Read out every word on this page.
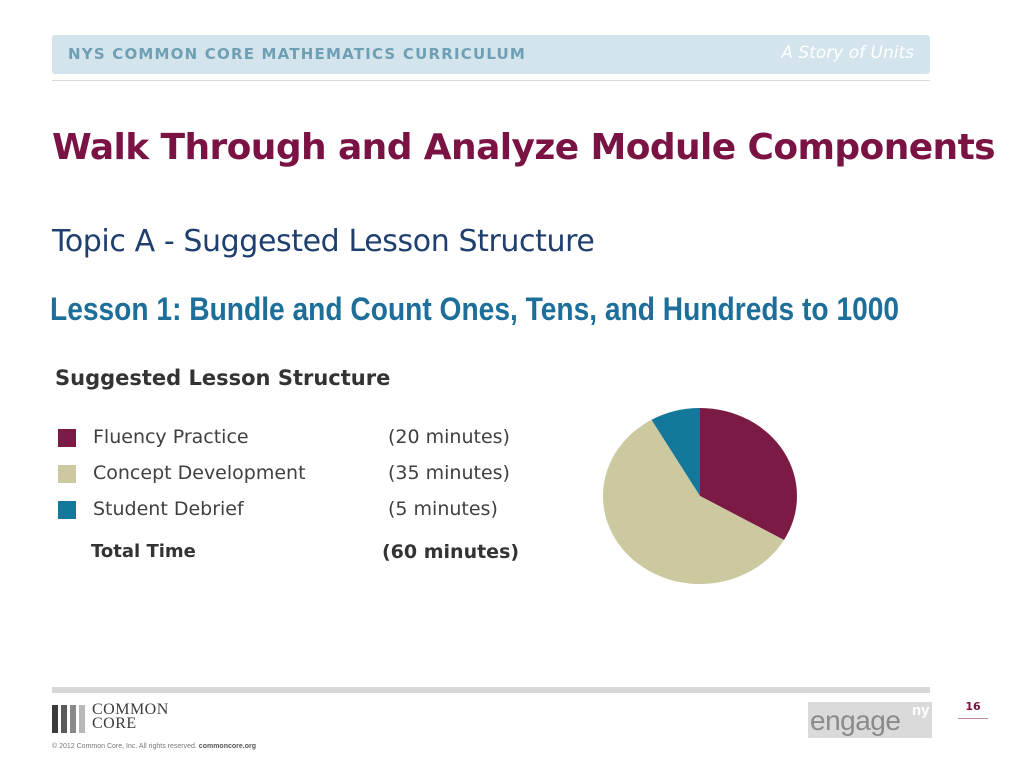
NYS COMMON CORE MATHEMATICS CURRICULUM	A Story of Units
Walk Through and Analyze Module Components
Topic A - Suggested Lesson Structure
Lesson 1: Bundle and Count Ones, Tens, and Hundreds to 1000
Suggested Lesson Structure
Fluency Practice	(20 minutes)
Concept Development	(35 minutes)
Student Debrief	(5 minutes)
Total Time	(60 minutes)
COMMON
CORE
© 2012 Common Core, Inc. All rights reserved. commoncore.org
engage ny	16
